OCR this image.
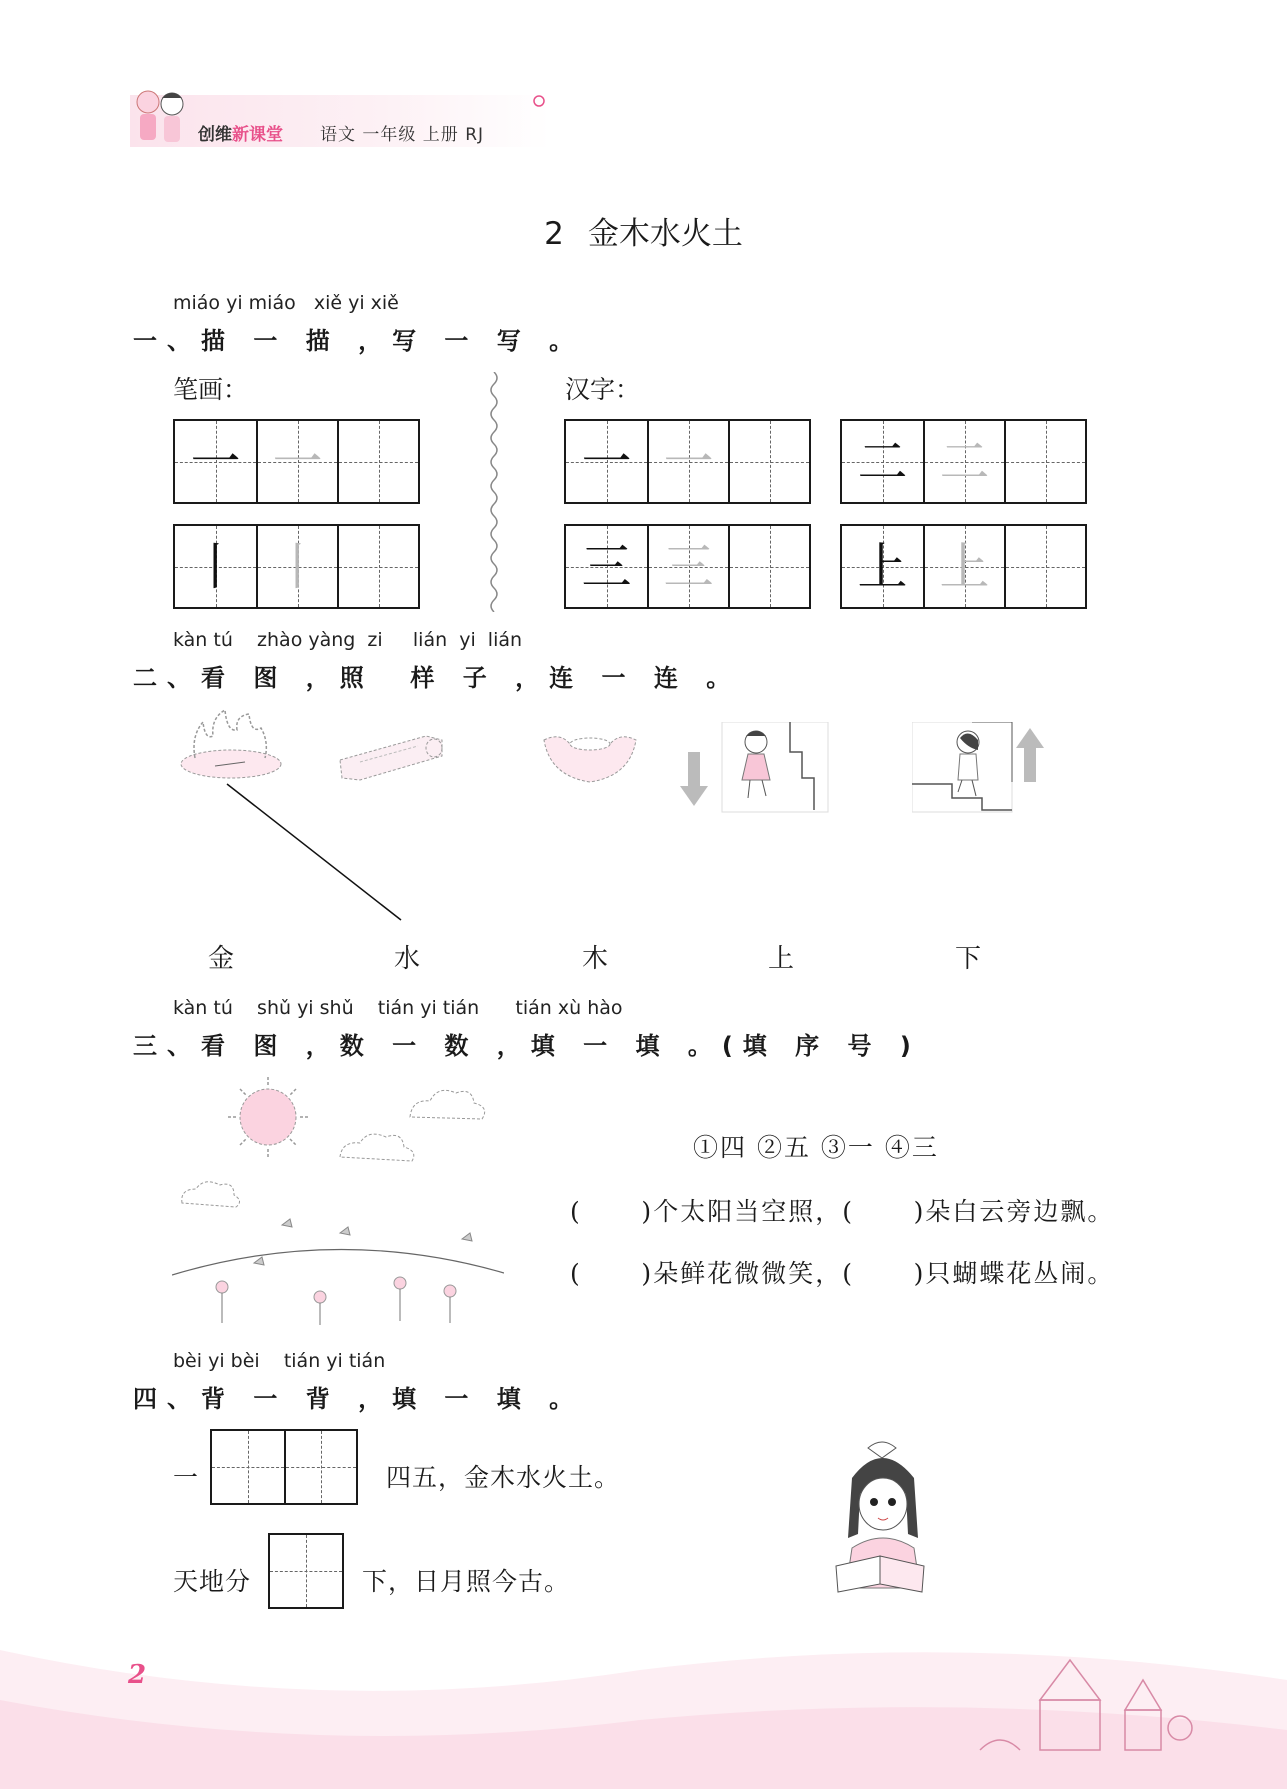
创维新课堂 语文 一年级 上册 RJ
2 金木水火土
miáo yi miáo   xiě yi xiě
一、描 一 描 ，写 一 写 。
笔画：	汉字：
一 一
丨 丨
一 一	二 二
三 三	上 上
kàn tú    zhào yàng  zi     lián  yi  lián
二、看 图 ，照  样 子 ，连 一 连 。
金	水	木	上	下
kàn tú    shǔ yi shǔ    tián yi tián      tián xù hào
三、看 图 ，数 一 数 ，填 一 填 。(填 序 号 )
①四 ②五 ③一 ④三
(      )个太阳当空照，(      )朵白云旁边飘。
(      )朵鲜花微微笑，(      )只蝴蝶花丛闹。
bèi yi bèi    tián yi tián
四、背 一 背 ，填 一 填 。
一	四五，金木水火土。
天地分	下，日月照今古。
2
